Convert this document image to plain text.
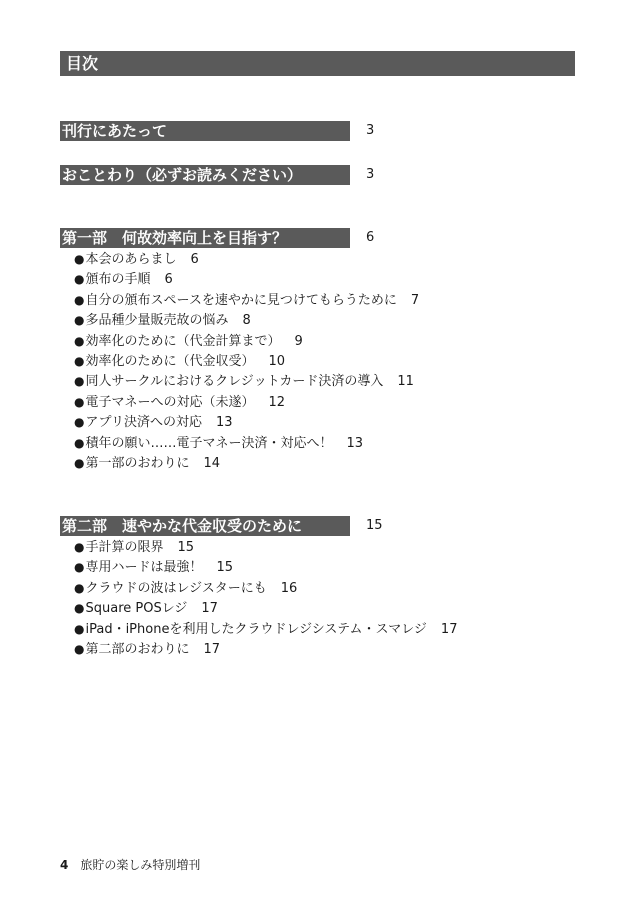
目次
刊行にあたって	3
おことわり（必ずお読みください）	3
第一部　何故効率向上を目指す？	6
●本会のあらまし 6
●頒布の手順 6
●自分の頒布スペースを速やかに見つけてもらうために 7
●多品種少量販売故の悩み 8
●効率化のために（代金計算まで） 9
●効率化のために（代金収受） 10
●同人サークルにおけるクレジットカード決済の導入 11
●電子マネーへの対応（未遂） 12
●アプリ決済への対応 13
●積年の願い……電子マネー決済・対応へ！ 13
●第一部のおわりに 14
第二部　速やかな代金収受のために	15
●手計算の限界 15
●専用ハードは最強！ 15
●クラウドの波はレジスターにも 16
●Square POSレジ 17
●iPad・iPhoneを利用したクラウドレジシステム・スマレジ 17
●第二部のおわりに 17
4 旅貯の楽しみ特別増刊
